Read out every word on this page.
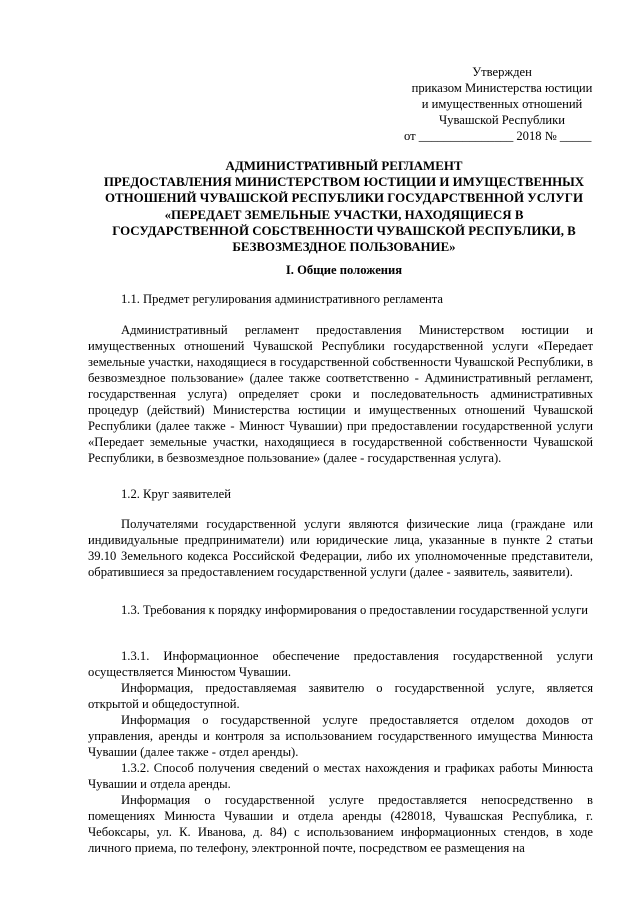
Утвержден
приказом Министерства юстиции
и имущественных отношений
Чувашской Республики
от _______________ 2018 № _____
АДМИНИСТРАТИВНЫЙ РЕГЛАМЕНТ
ПРЕДОСТАВЛЕНИЯ МИНИСТЕРСТВОМ ЮСТИЦИИ И ИМУЩЕСТВЕННЫХ
ОТНОШЕНИЙ ЧУВАШСКОЙ РЕСПУБЛИКИ ГОСУДАРСТВЕННОЙ УСЛУГИ
«ПЕРЕДАЕТ ЗЕМЕЛЬНЫЕ УЧАСТКИ, НАХОДЯЩИЕСЯ В
ГОСУДАРСТВЕННОЙ СОБСТВЕННОСТИ ЧУВАШСКОЙ РЕСПУБЛИКИ, В
БЕЗВОЗМЕЗДНОЕ ПОЛЬЗОВАНИЕ»
I. Общие положения

1.1. Предмет регулирования административного регламента

Административный регламент предоставления Министерством юстиции и имущественных отношений Чувашской Республики государственной услуги «Передает земельные участки, находящиеся в государственной собственности Чувашской Республики, в безвозмездное пользование» (далее также соответственно - Административный регламент, государственная услуга) определяет сроки и последовательность административных процедур (действий) Министерства юстиции и имущественных отношений Чувашской Республики (далее также - Минюст Чувашии) при предоставлении государственной услуги «Передает земельные участки, находящиеся в государственной собственности Чувашской Республики, в безвозмездное пользование» (далее - государственная услуга).

1.2. Круг заявителей

Получателями государственной услуги являются физические лица (граждане или индивидуальные предприниматели) или юридические лица, указанные в пункте 2 статьи 39.10 Земельного кодекса Российской Федерации, либо их уполномоченные представители, обратившиеся за предоставлением государственной услуги (далее - заявитель, заявители).

1.3. Требования к порядку информирования о предоставлении государственной услуги

1.3.1. Информационное обеспечение предоставления государственной услуги осуществляется Минюстом Чувашии.

Информация, предоставляемая заявителю о государственной услуге, является открытой и общедоступной.

Информация о государственной услуге предоставляется отделом доходов от управления, аренды и контроля за использованием государственного имущества Минюста Чувашии (далее также - отдел аренды).

1.3.2. Способ получения сведений о местах нахождения и графиках работы Минюста Чувашии и отдела аренды.

Информация о государственной услуге предоставляется непосредственно в помещениях Минюста Чувашии и отдела аренды (428018, Чувашская Республика, г. Чебоксары, ул. К. Иванова, д. 84) с использованием информационных стендов, в ходе личного приема, по телефону, электронной почте, посредством ее размещения на
